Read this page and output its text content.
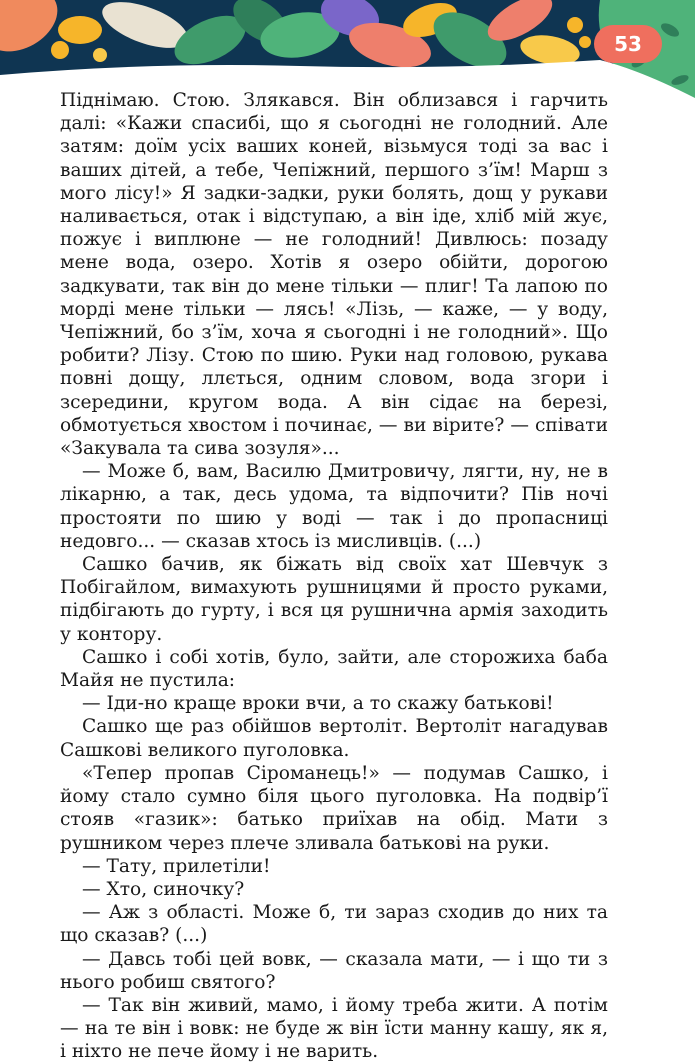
53

Піднімаю. Стою. Злякався. Він облизався і гарчить далі: «Кажи спасибі, що я сьогодні не голодний. Але затям: доїм усіх ваших коней, візьмуся тоді за вас і ваших дітей, а тебе, Чепіжний, першого з’їм! Марш з мого лісу!» Я задки-задки, руки болять, дощ у рукави наливається, отак і відступаю, а він іде, хліб мій жує, пожує і виплюне — не голодний! Дивлюсь: позаду мене вода, озеро. Хотів я озеро обійти, дорогою задкувати, так він до мене тільки — плиг! Та лапою по морді мене тільки — лясь! «Лізь, — каже, — у воду, Чепіжний, бо з’їм, хоча я сьогодні і не голодний». Що робити? Лізу. Стою по шию. Руки над головою, рукава повні дощу, ллється, одним словом, вода згори і зсередини, кругом вода. А він сідає на березі, обмотується хвостом і починає, — ви вірите? — співати «Закувала та сива зозуля»...

— Може б, вам, Василю Дмитровичу, лягти, ну, не в лікарню, а так, десь удома, та відпочити? Пів ночі простояти по шию у воді — так і до пропасниці недовго... — сказав хтось із мисливців. (...)

Сашко бачив, як біжать від своїх хат Шевчук з Побігайлом, вимахують рушницями й просто руками, підбігають до гурту, і вся ця рушнична армія заходить у контору.

Сашко і собі хотів, було, зайти, але сторожиха баба Майя не пустила:

— Іди-но краще вроки вчи, а то скажу батькові!

Сашко ще раз обійшов вертоліт. Вертоліт нагадував Сашкові великого пуголовка.

«Тепер пропав Сіроманець!» — подумав Сашко, і йому стало сумно біля цього пуголовка. На подвір’ї стояв «газик»: батько приїхав на обід. Мати з рушником через плече зливала батькові на руки.

— Тату, прилетіли!

— Хто, синочку?

— Аж з області. Може б, ти зараз сходив до них та що сказав? (...)

— Давсь тобі цей вовк, — сказала мати, — і що ти з нього робиш святого?

— Так він живий, мамо, і йому треба жити. А потім — на те він і вовк: не буде ж він їсти манну кашу, як я, і ніхто не пече йому і не варить.
